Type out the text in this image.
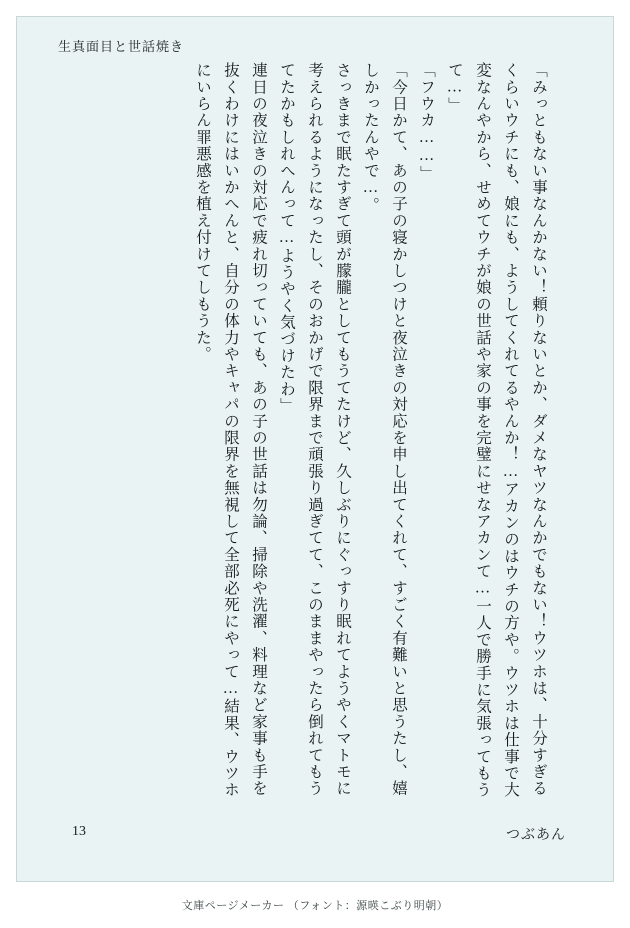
生真面目と世話焼き

「みっともない事なんかない！頼りないとか、ダメなヤツなんかでもない！ウツホは、十分すぎるくらいウチにも、娘にも、ようしてくれてるやんか！…アカンのはウチの方や。ウツホは仕事で大変なんやから、せめてウチが娘の世話や家の事を完璧にせなアカンて…一人で勝手に気張ってもうて…」

「フウカ……」

「今日かて、あの子の寝かしつけと夜泣きの対応を申し出てくれて、すごく有難いと思うたし、嬉しかったんやで…。

さっきまで眠たすぎて頭が朦朧としてもうてたけど、久しぶりにぐっすり眠れてようやくマトモに考えられるようになったし、そのおかげで限界まで頑張り過ぎてて、このままやったら倒れてもうてたかもしれへんって…ようやく気づけたわ」

連日の夜泣きの対応で疲れ切っていても、あの子の世話は勿論、掃除や洗濯、料理など家事も手を抜くわけにはいかへんと、自分の体力やキャパの限界を無視して全部必死にやって…結果、ウツホにいらん罪悪感を植え付けてしもうた。

13	つぶあん
文庫ページメーカー （フォント：源暎こぶり明朝）
